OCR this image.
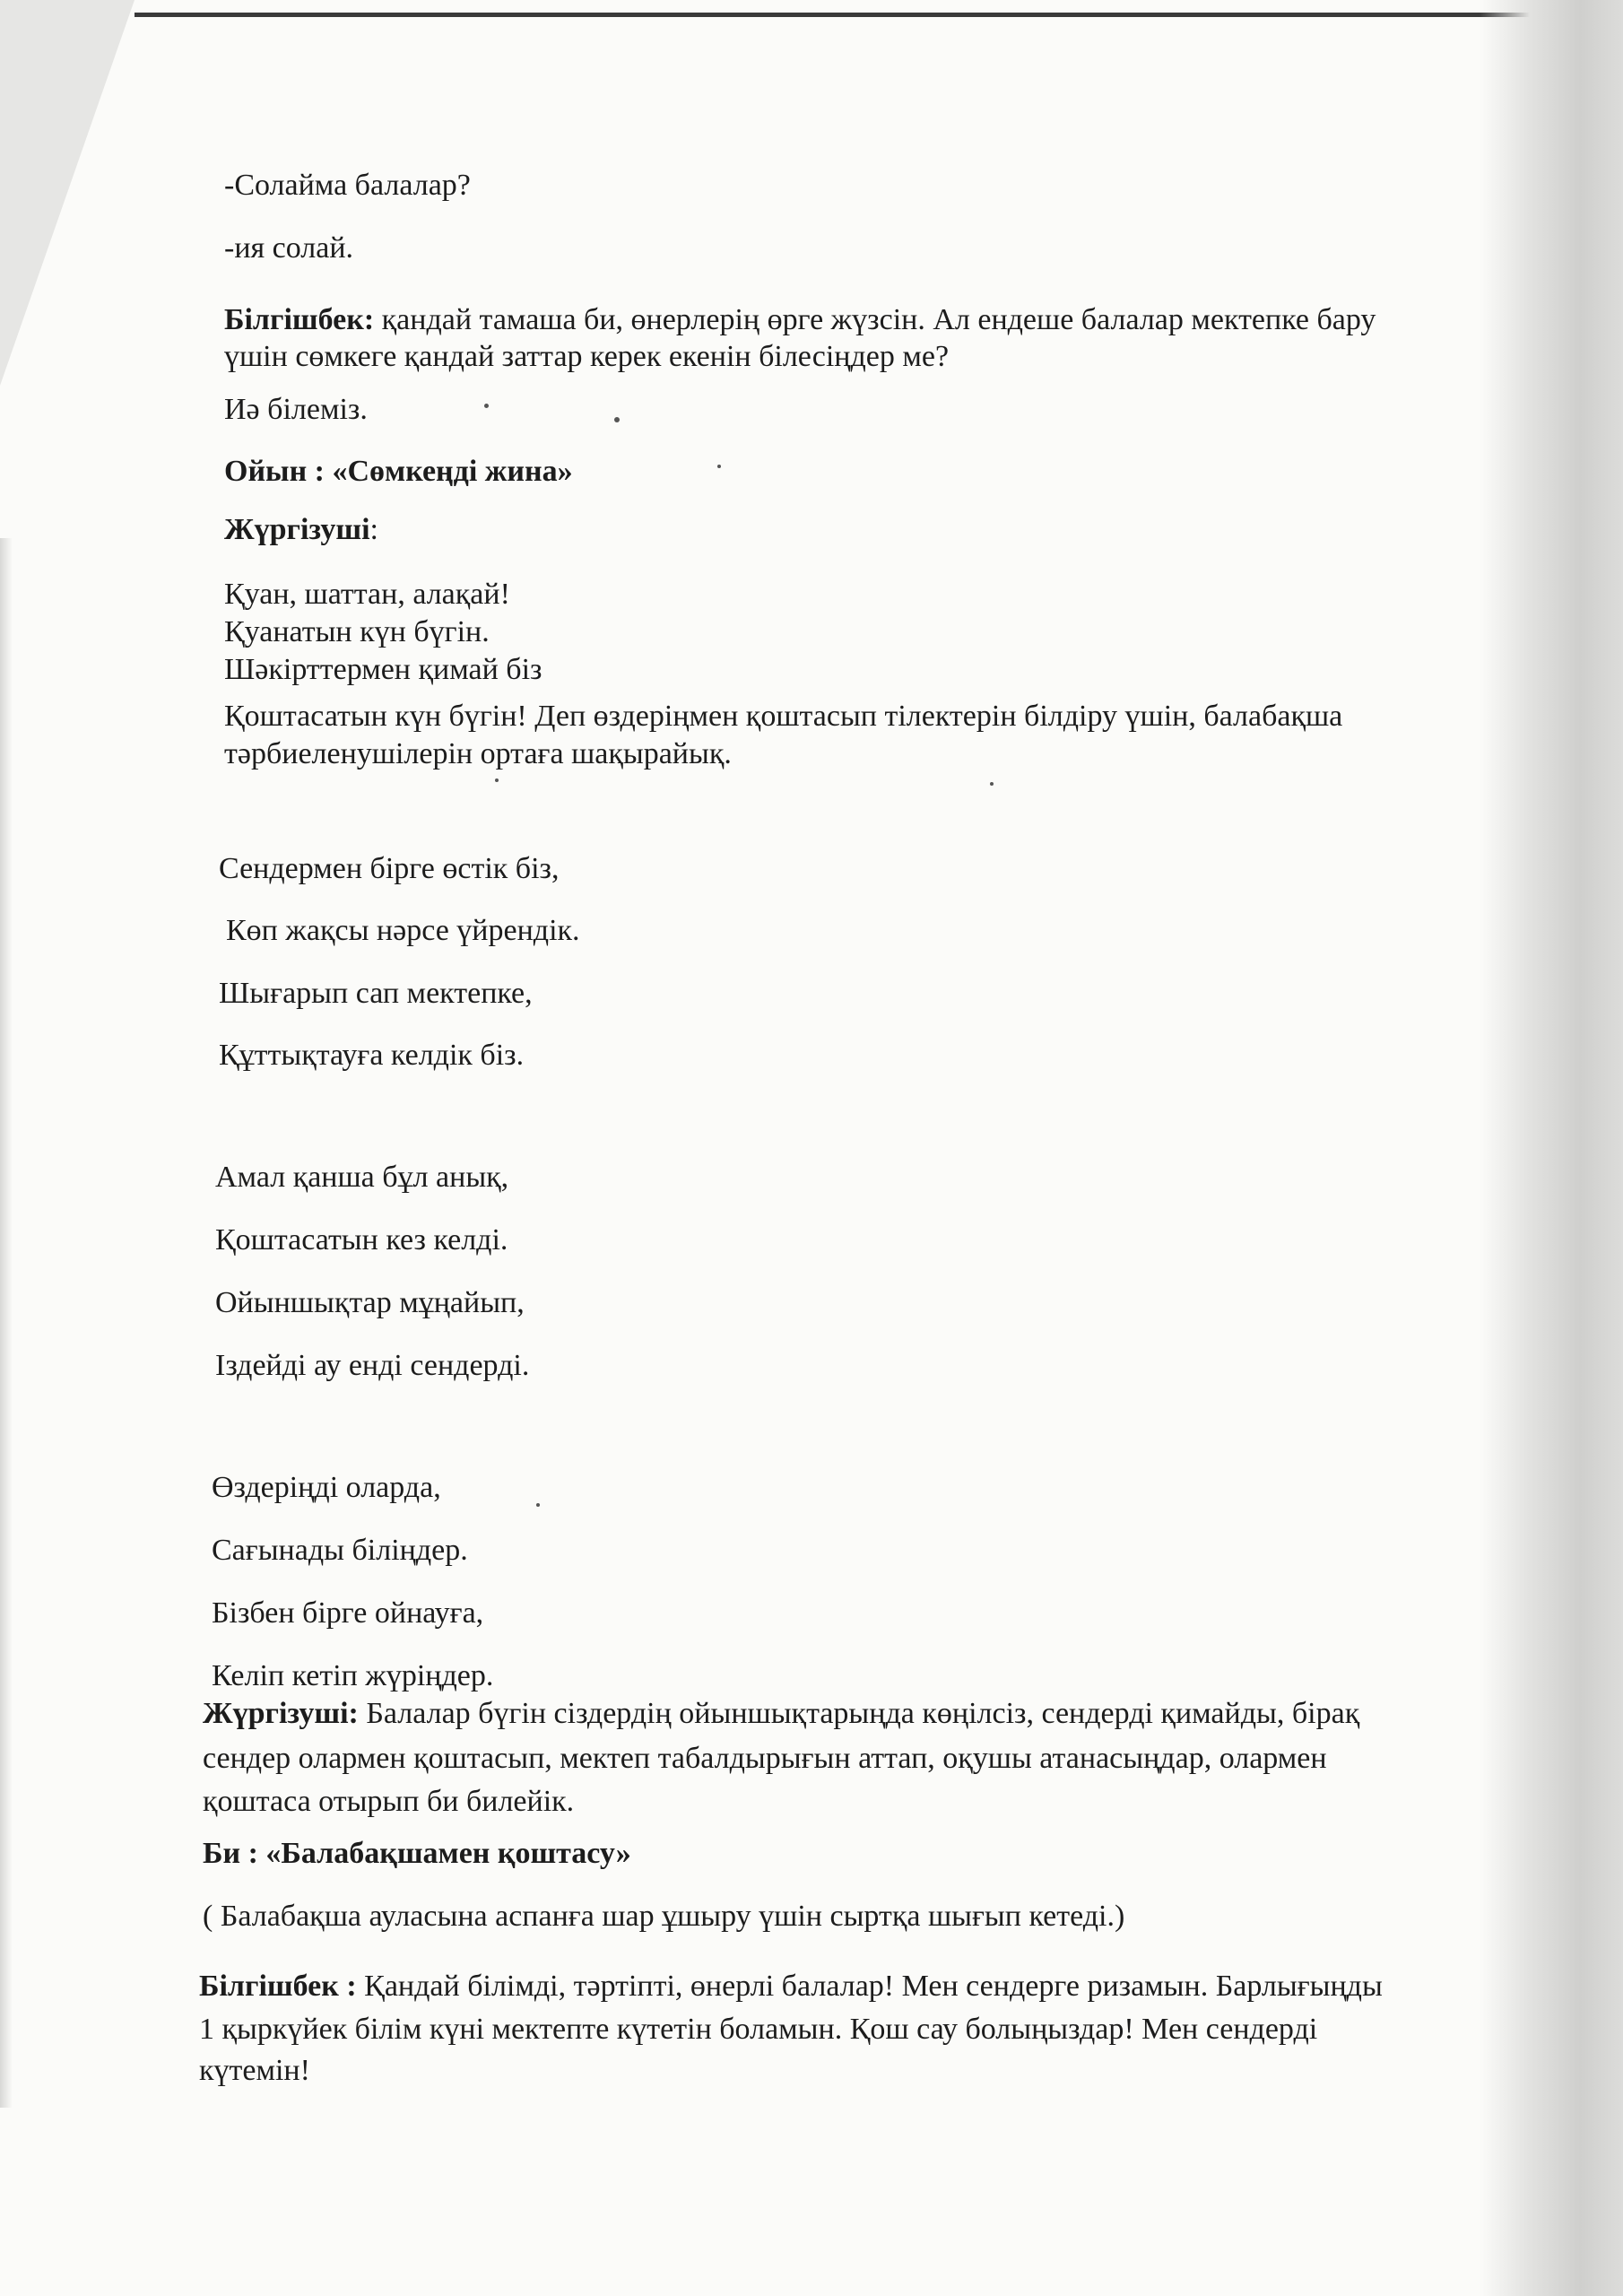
-Солайма балалар?

-ия солай.

Білгішбек: қандай тамаша би, өнерлерің өрге жүзсін. Ал ендеше балалар мектепке бару

үшін сөмкеге қандай заттар керек екенін білесіңдер ме?

Иә білеміз.

Ойын : «Сөмкеңді жина»

Жүргізуші:

Қуан, шаттан, алақай!

Қуанатын күн бүгін.

Шәкірттермен қимай біз

Қоштасатын күн бүгін! Деп өздеріңмен қоштасып тілектерін білдіру үшін, балабақша

тәрбиеленушілерін ортаға шақырайық.

Сендермен бірге өстік біз,

Көп жақсы нәрсе үйрендік.

Шығарып сап мектепке,

Құттықтауға келдік біз.

Амал қанша бұл анық,

Қоштасатын кез келді.

Ойыншықтар мұңайып,

Іздейді ау енді сендерді.

Өздеріңді оларда,

Сағынады біліңдер.

Бізбен бірге ойнауға,

Келіп кетіп жүріңдер.

Жүргізуші: Балалар бүгін сіздердің ойыншықтарыңда көңілсіз, сендерді қимайды, бірақ

сендер олармен қоштасып, мектеп табалдырығын аттап, оқушы атанасыңдар, олармен

қоштаса отырып би билейік.

Би : «Балабақшамен қоштасу»

( Балабақша ауласына аспанға шар ұшыру үшін сыртқа шығып кетеді.)

Білгішбек : Қандай білімді, тәртіпті, өнерлі балалар! Мен сендерге ризамын. Барлығыңды

1 қыркүйек білім күні мектепте күтетін боламын. Қош сау болыңыздар! Мен сендерді

күтемін!
